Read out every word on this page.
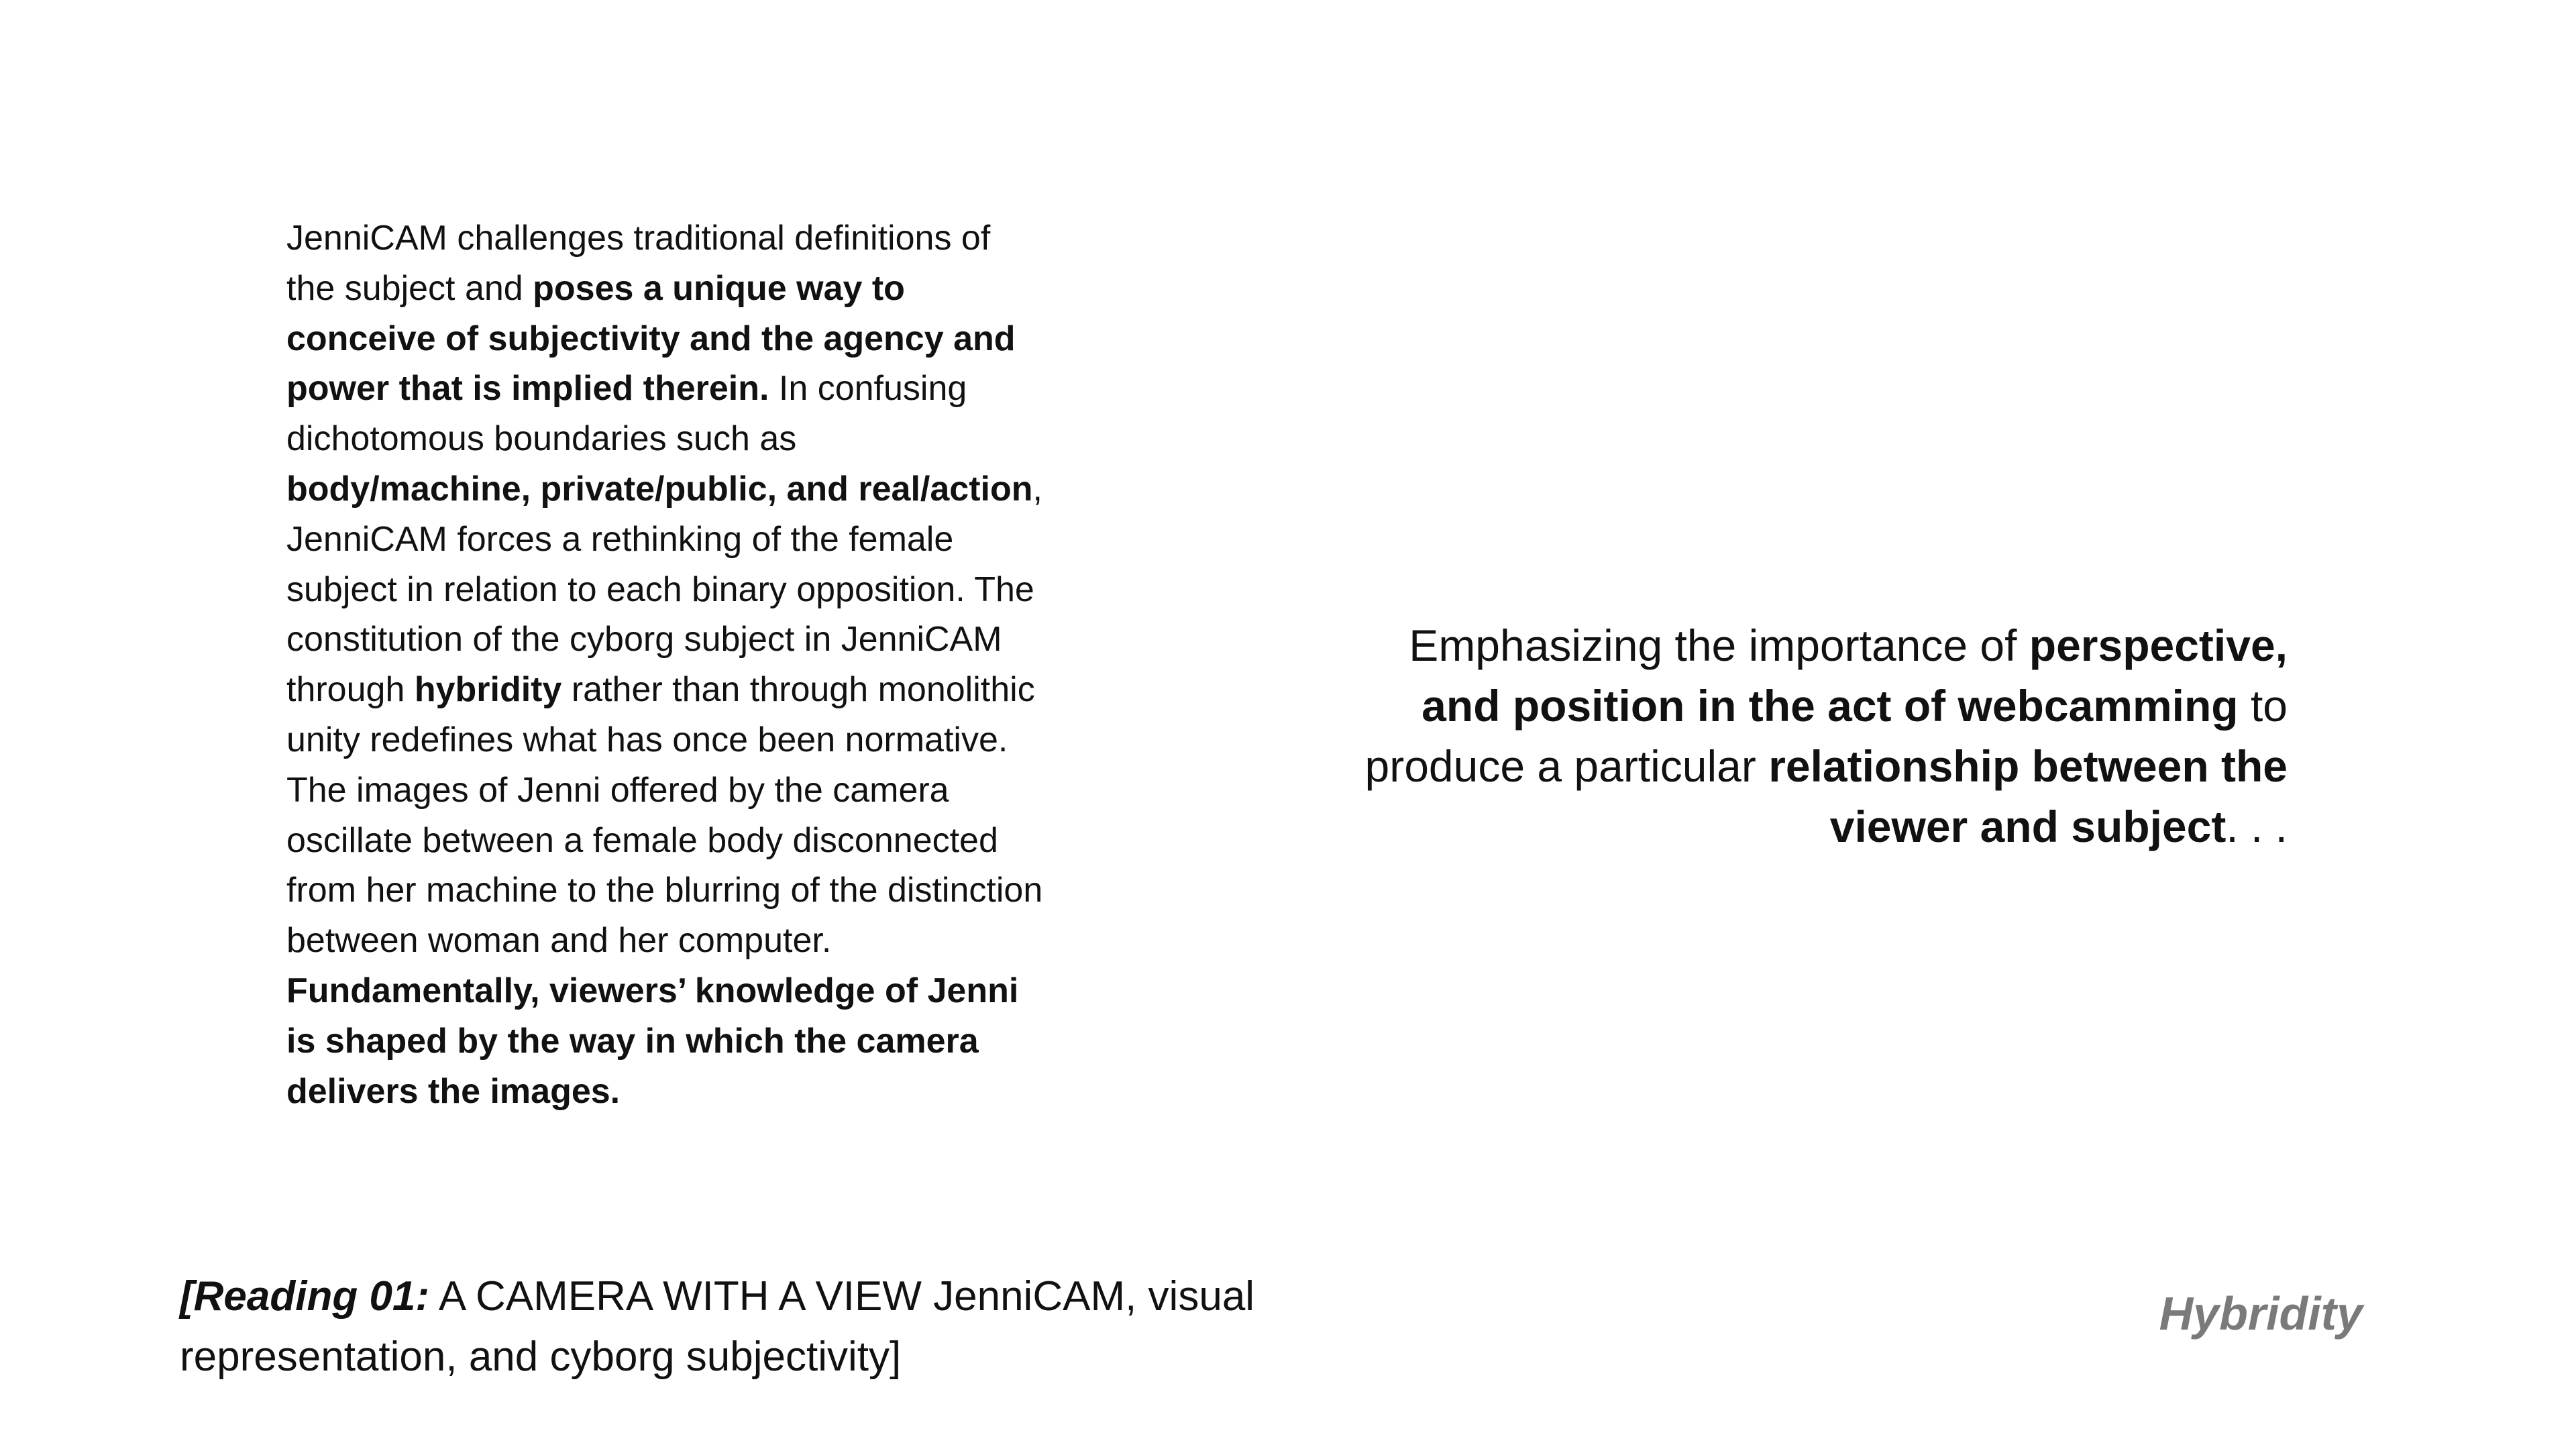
JenniCAM challenges traditional definitions of the subject and poses a unique way to conceive of subjectivity and the agency and power that is implied therein. In confusing dichotomous boundaries such as body/machine, private/public, and real/action, JenniCAM forces a rethinking of the female subject in relation to each binary opposition. The constitution of the cyborg subject in JenniCAM through hybridity rather than through monolithic unity redefines what has once been normative. The images of Jenni offered by the camera oscillate between a female body disconnected from her machine to the blurring of the distinction between woman and her computer. Fundamentally, viewers’ knowledge of Jenni is shaped by the way in which the camera delivers the images.
Emphasizing the importance of perspective, and position in the act of webcamming to produce a particular relationship between the viewer and subject. . .
[Reading 01: A CAMERA WITH A VIEW JenniCAM, visual representation, and cyborg subjectivity]
Hybridity
